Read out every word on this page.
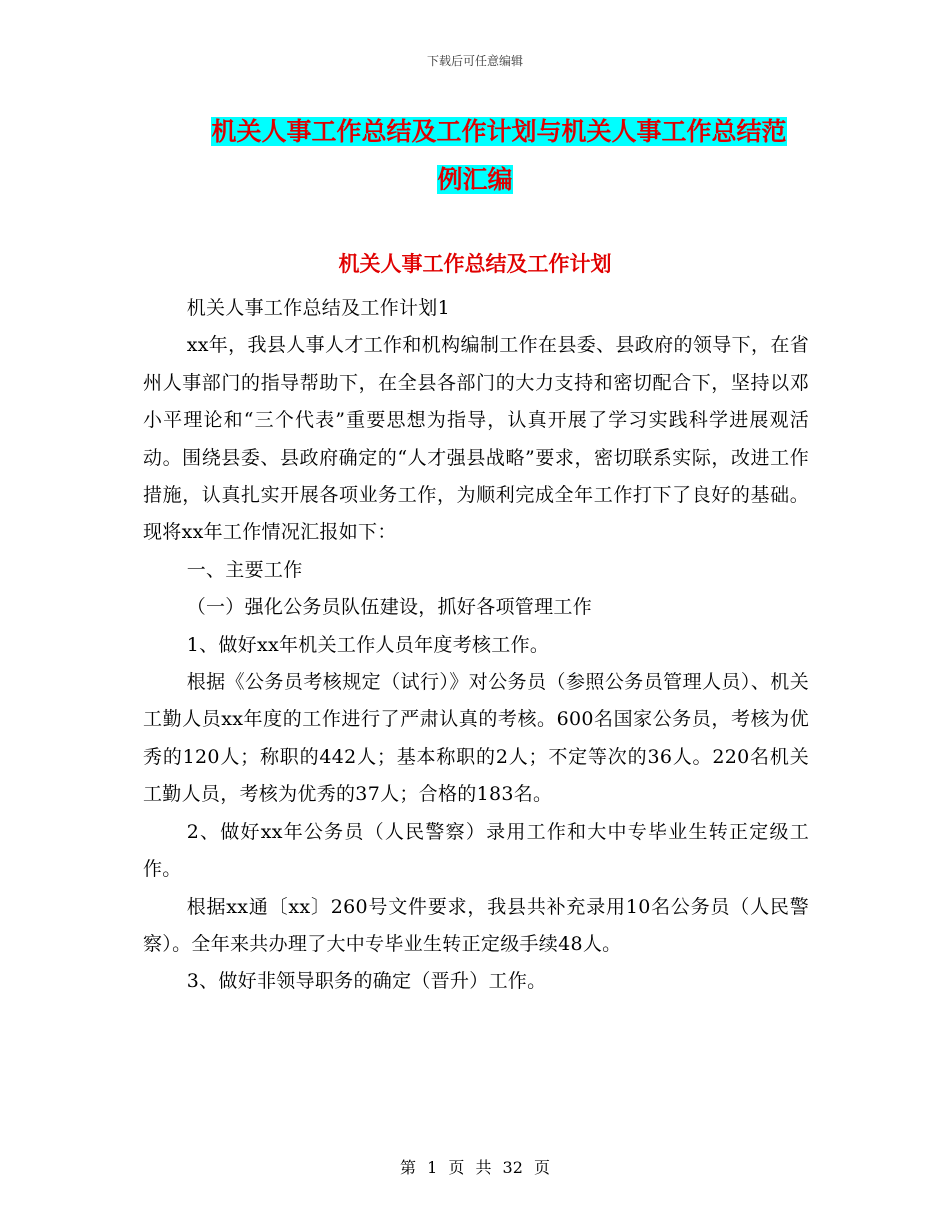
下载后可任意编辑
机关人事工作总结及工作计划与机关人事工作总结范
例汇编
机关人事工作总结及工作计划

机关人事工作总结及工作计划1

xx年，我县人事人才工作和机构编制工作在县委、县政府的领导下，在省州人事部门的指导帮助下，在全县各部门的大力支持和密切配合下，坚持以邓小平理论和“三个代表”重要思想为指导，认真开展了学习实践科学进展观活动。围绕县委、县政府确定的“人才强县战略”要求，密切联系实际，改进工作措施，认真扎实开展各项业务工作，为顺利完成全年工作打下了良好的基础。现将xx年工作情况汇报如下：

一、主要工作

（一）强化公务员队伍建设，抓好各项管理工作

1、做好xx年机关工作人员年度考核工作。

根据《公务员考核规定（试行）》对公务员（参照公务员管理人员）、机关工勤人员xx年度的工作进行了严肃认真的考核。600名国家公务员，考核为优秀的120人；称职的442人；基本称职的2人；不定等次的36人。220名机关工勤人员，考核为优秀的37人；合格的183名。

2、做好xx年公务员（人民警察）录用工作和大中专毕业生转正定级工作。

根据xx通〔xx〕260号文件要求，我县共补充录用10名公务员（人民警察）。全年来共办理了大中专毕业生转正定级手续48人。

3、做好非领导职务的确定（晋升）工作。

第 1 页 共 32 页
